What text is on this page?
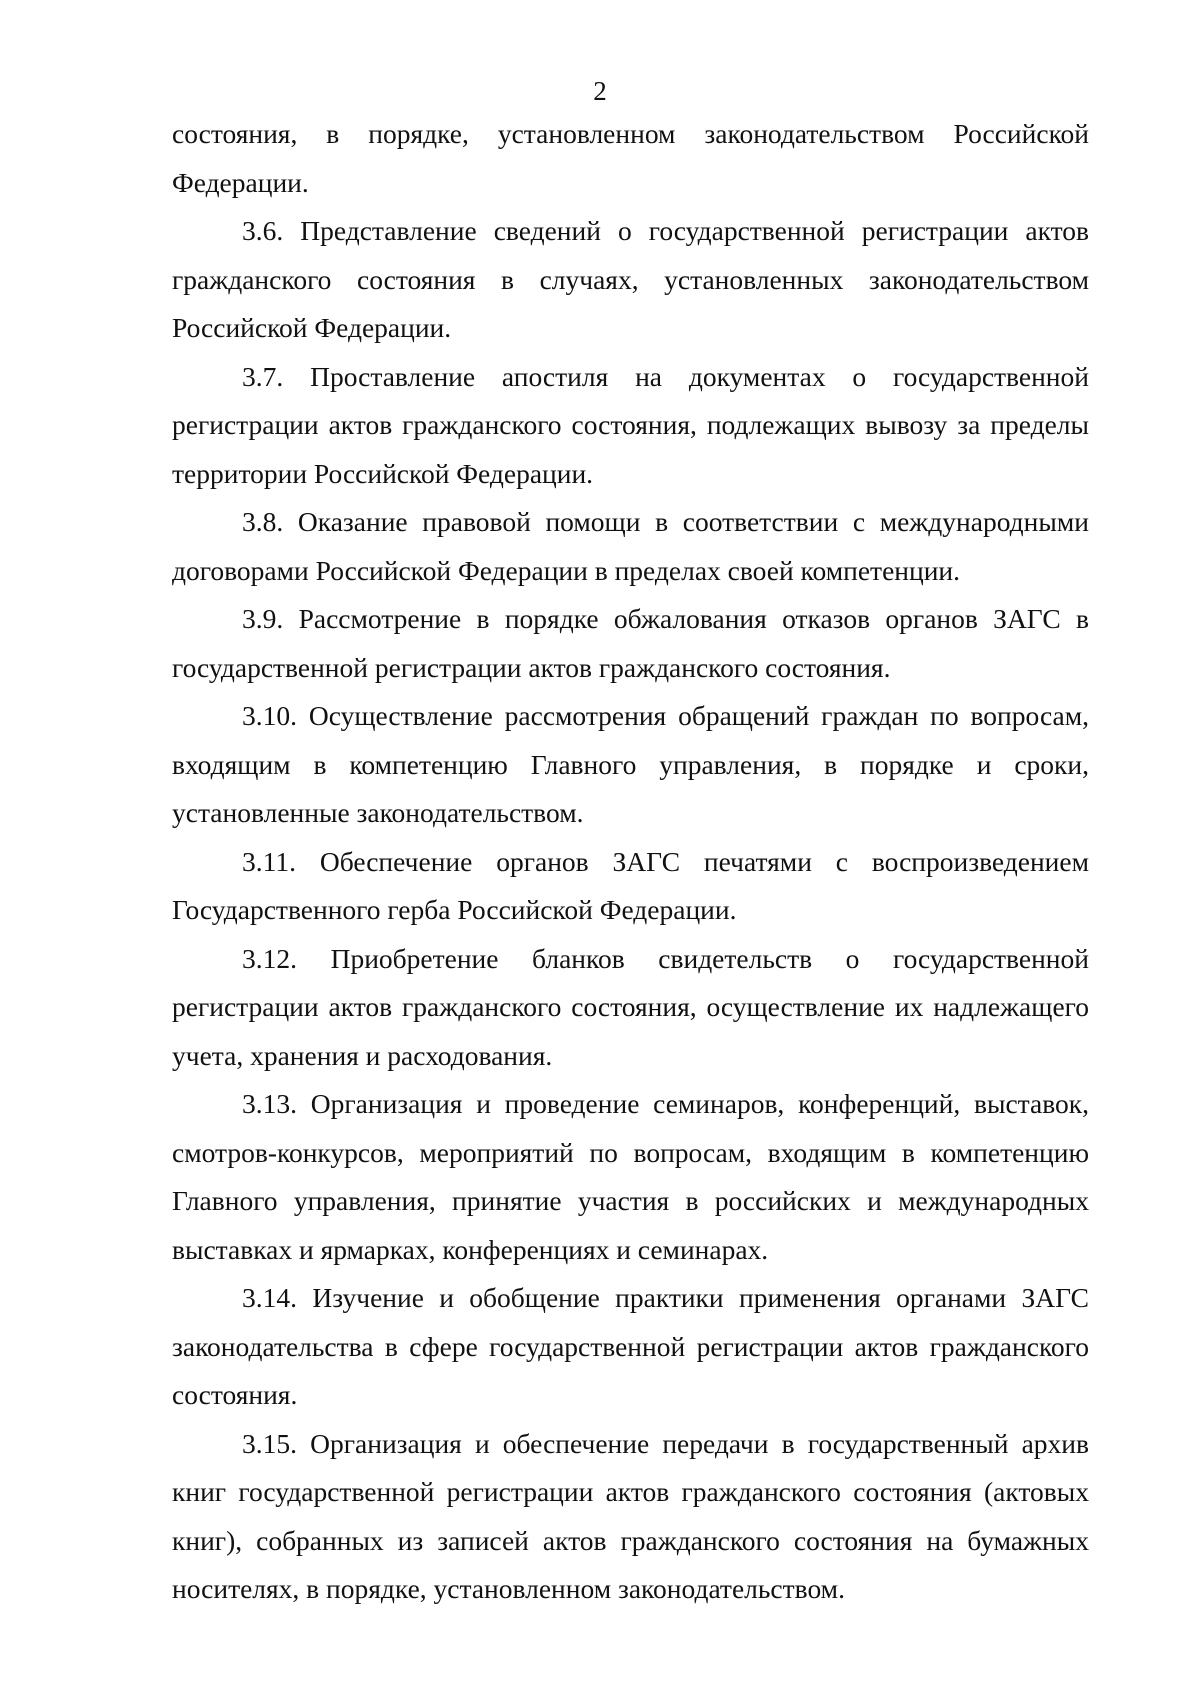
2

состояния, в порядке, установленном законодательством Российской Федерации.

3.6. Представление сведений о государственной регистрации актов гражданского состояния в случаях, установленных законодательством Российской Федерации.

3.7. Проставление апостиля на документах о государственной регистрации актов гражданского состояния, подлежащих вывозу за пределы территории Российской Федерации.

3.8. Оказание правовой помощи в соответствии с международными договорами Российской Федерации в пределах своей компетенции.

3.9. Рассмотрение в порядке обжалования отказов органов ЗАГС в государственной регистрации актов гражданского состояния.

3.10. Осуществление рассмотрения обращений граждан по вопросам, входящим в компетенцию Главного управления, в порядке и сроки, установленные законодательством.

3.11. Обеспечение органов ЗАГС печатями с воспроизведением Государственного герба Российской Федерации.

3.12. Приобретение бланков свидетельств о государственной регистрации актов гражданского состояния, осуществление их надлежащего учета, хранения и расходования.

3.13. Организация и проведение семинаров, конференций, выставок, смотров-конкурсов, мероприятий по вопросам, входящим в компетенцию Главного управления, принятие участия в российских и международных выставках и ярмарках, конференциях и семинарах.

3.14. Изучение и обобщение практики применения органами ЗАГС законодательства в сфере государственной регистрации актов гражданского состояния.

3.15. Организация и обеспечение передачи в государственный архив книг государственной регистрации актов гражданского состояния (актовых книг), собранных из записей актов гражданского состояния на бумажных носителях, в порядке, установленном законодательством.
